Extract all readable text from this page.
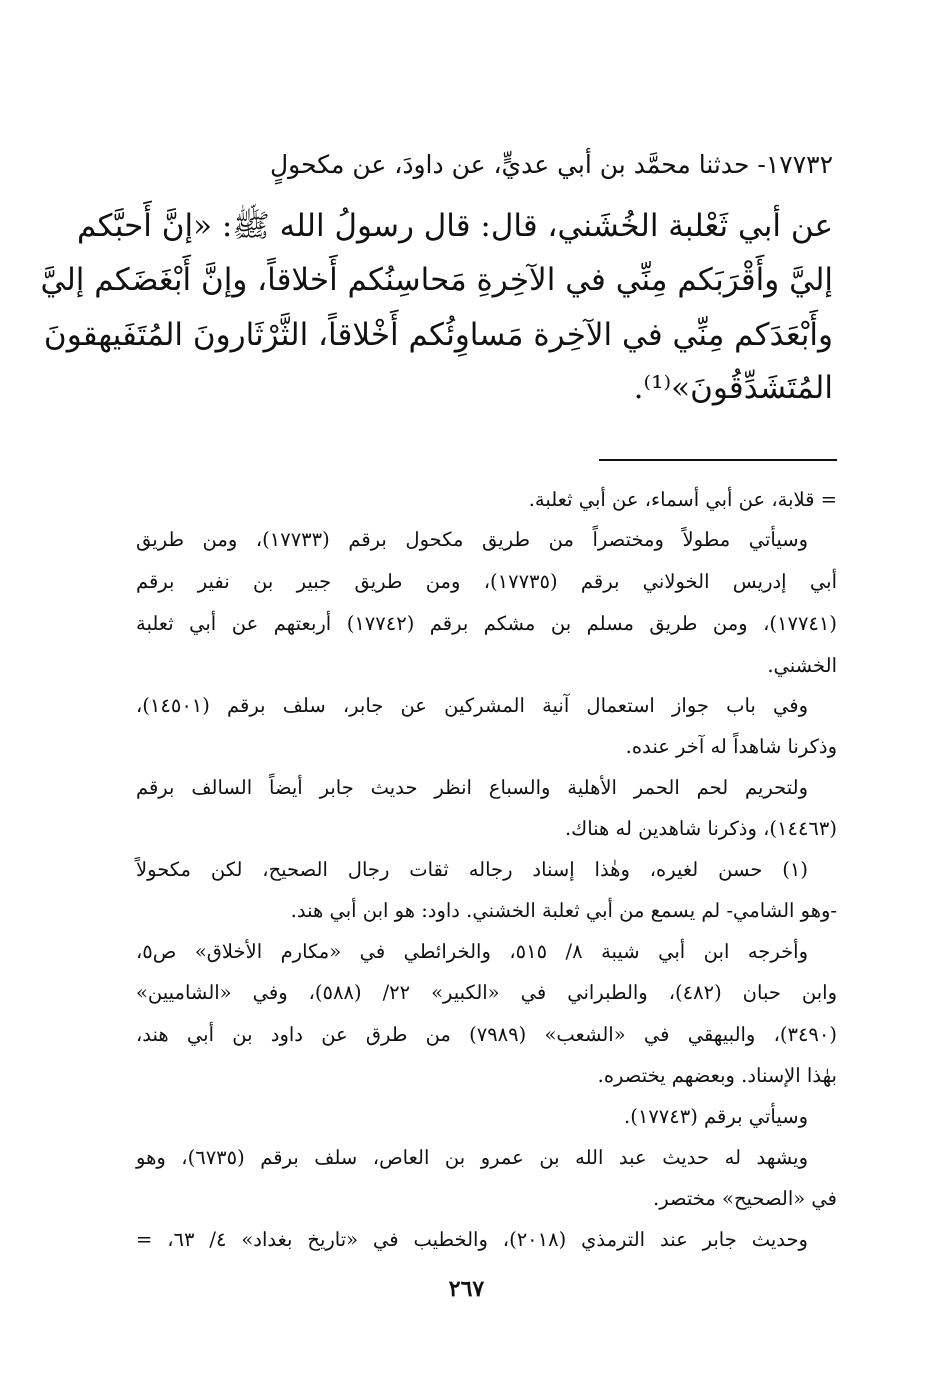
١٧٧٣٢- حدثنا محمَّد بن أبي عديٍّ، عن داودَ، عن مكحولٍ

عن أبي ثَعْلبة الخُشَني، قال: قال رسولُ الله ﷺ: «إنَّ أَحبَّكم

إليَّ وأَقْرَبَكم مِنِّي في الآخِرةِ مَحاسِنُكم أَخلاقاً، وإنَّ أَبْغَضَكم إليَّ

وأَبْعَدَكم مِنِّي في الآخِرة مَساوِئُكم أَخْلاقاً، الثَّرْثَارونَ المُتَفَيهقونَ

المُتَشَدِّقُونَ»⁽¹⁾.

= قلابة، عن أبي أسماء، عن أبي ثعلبة.

وسيأتي مطولاً ومختصراً من طريق مكحول برقم (١٧٧٣٣)، ومن طريق

أبي إدريس الخولاني برقم (١٧٧٣٥)، ومن طريق جبير بن نفير برقم

(١٧٧٤١)، ومن طريق مسلم بن مشكم برقم (١٧٧٤٢) أربعتهم عن أبي ثعلبة

الخشني.

وفي باب جواز استعمال آنية المشركين عن جابر، سلف برقم (١٤٥٠١)،

وذكرنا شاهداً له آخر عنده.

ولتحريم لحم الحمر الأهلية والسباع انظر حديث جابر أيضاً السالف برقم

(١٤٤٦٣)، وذكرنا شاهدين له هناك.

(١) حسن لغيره، وهٰذا إسناد رجاله ثقات رجال الصحيح، لكن مكحولاً

-وهو الشامي- لم يسمع من أبي ثعلبة الخشني. داود: هو ابن أبي هند.

وأخرجه ابن أبي شيبة ٨/ ٥١٥، والخرائطي في «مكارم الأخلاق» ص٥،

وابن حبان (٤٨٢)، والطبراني في «الكبير» ٢٢/ (٥٨٨)، وفي «الشاميين»

(٣٤٩٠)، والبيهقي في «الشعب» (٧٩٨٩) من طرق عن داود بن أبي هند،

بهٰذا الإسناد. وبعضهم يختصره.

وسيأتي برقم (١٧٧٤٣).

ويشهد له حديث عبد الله بن عمرو بن العاص، سلف برقم (٦٧٣٥)، وهو

في «الصحيح» مختصر.

وحديث جابر عند الترمذي (٢٠١٨)، والخطيب في «تاريخ بغداد» ٤/ ٦٣، =

٢٦٧
